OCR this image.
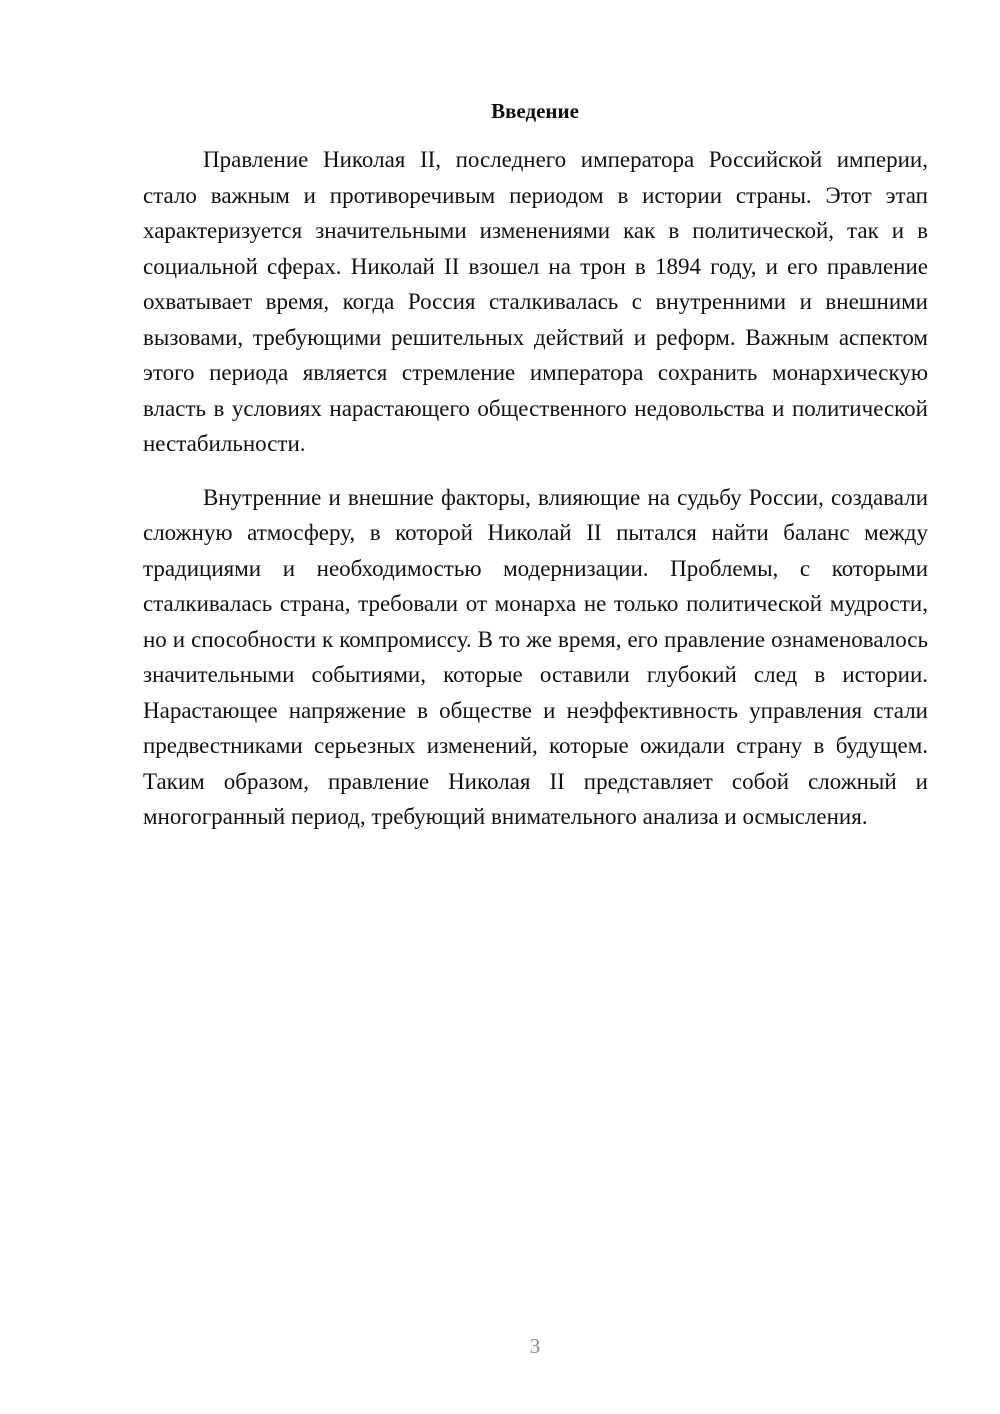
Введение

Правление Николая II, последнего императора Российской империи, стало важным и противоречивым периодом в истории страны. Этот этап характеризуется значительными изменениями как в политической, так и в социальной сферах. Николай II взошел на трон в 1894 году, и его правление охватывает время, когда Россия сталкивалась с внутренними и внешними вызовами, требующими решительных действий и реформ. Важным аспектом этого периода является стремление императора сохранить монархическую власть в условиях нарастающего общественного недовольства и политической нестабильности.

Внутренние и внешние факторы, влияющие на судьбу России, создавали сложную атмосферу, в которой Николай II пытался найти баланс между традициями и необходимостью модернизации. Проблемы, с которыми сталкивалась страна, требовали от монарха не только политической мудрости, но и способности к компромиссу. В то же время, его правление ознаменовалось значительными событиями, которые оставили глубокий след в истории. Нарастающее напряжение в обществе и неэффективность управления стали предвестниками серьезных изменений, которые ожидали страну в будущем. Таким образом, правление Николая II представляет собой сложный и многогранный период, требующий внимательного анализа и осмысления.

3
